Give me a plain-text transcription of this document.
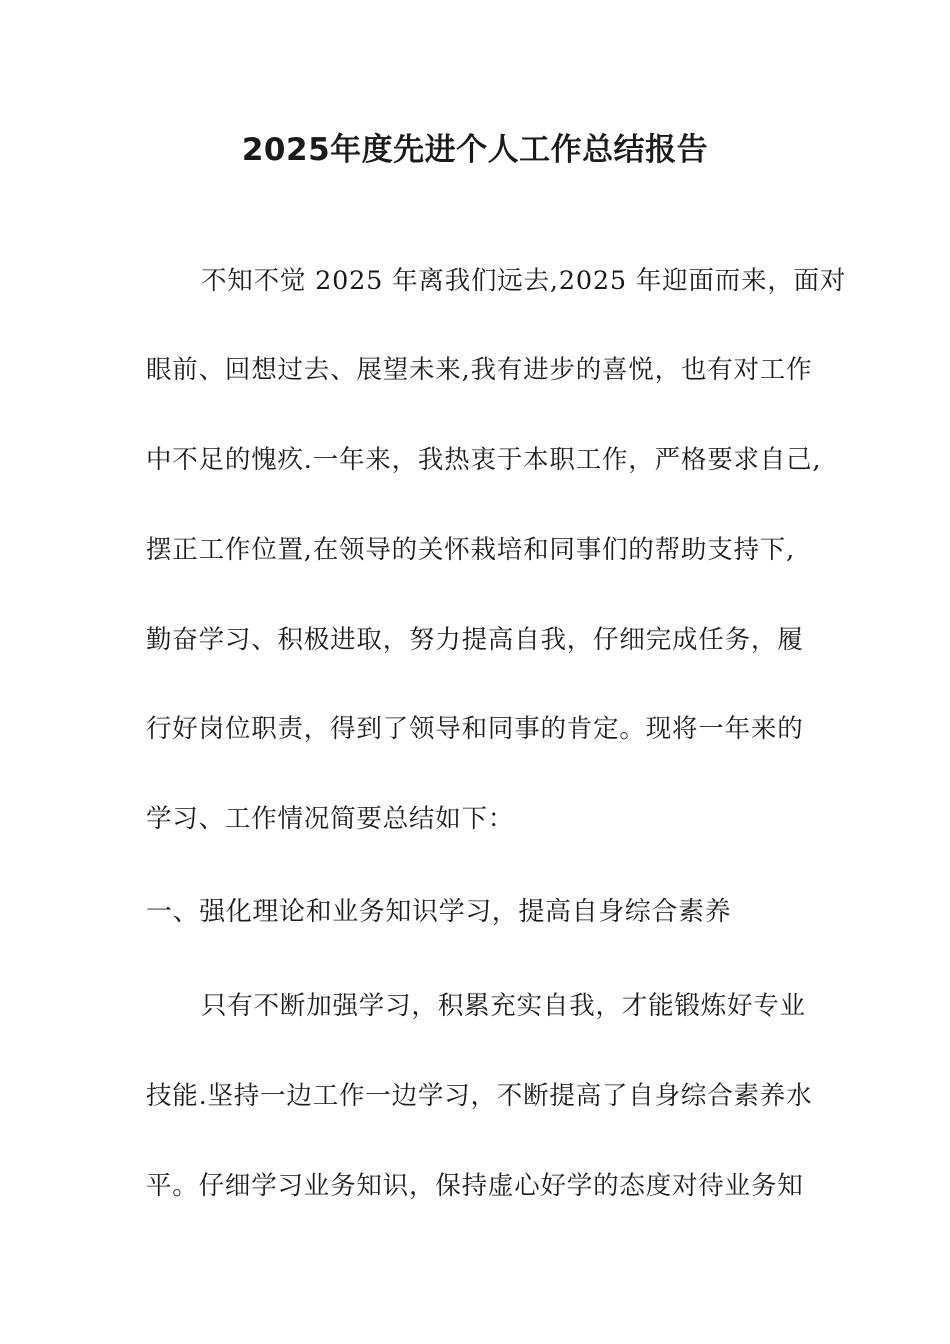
2025年度先进个人工作总结报告
不知不觉 2025 年离我们远去,2025 年迎面而来，面对
眼前、回想过去、展望未来,我有进步的喜悦，也有对工作
中不足的愧疚.一年来，我热衷于本职工作，严格要求自己,
摆正工作位置,在领导的关怀栽培和同事们的帮助支持下,
勤奋学习、积极进取，努力提高自我，仔细完成任务，履
行好岗位职责，得到了领导和同事的肯定。现将一年来的
学习、工作情况简要总结如下：
一、强化理论和业务知识学习，提高自身综合素养
只有不断加强学习，积累充实自我，才能锻炼好专业
技能.坚持一边工作一边学习，不断提高了自身综合素养水
平。仔细学习业务知识，保持虚心好学的态度对待业务知
